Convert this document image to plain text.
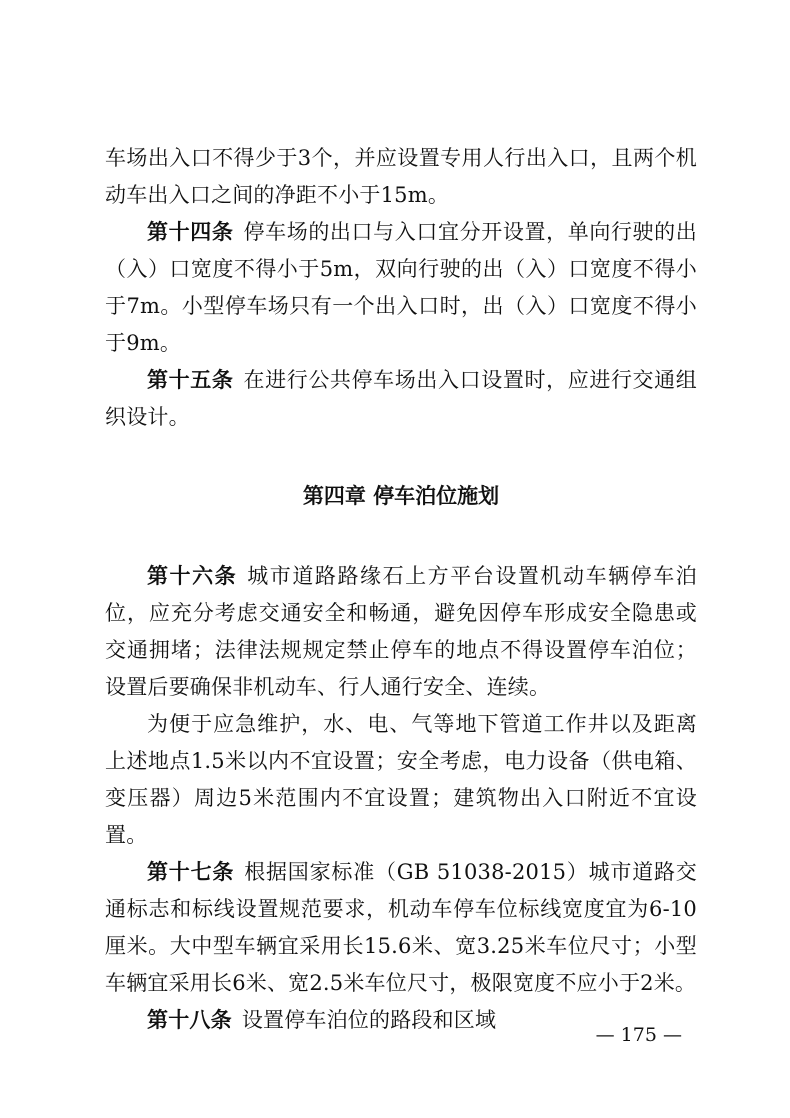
车场出入口不得少于3个，并应设置专用人行出入口，且两个机动车出入口之间的净距不小于15m。

第十四条 停车场的出口与入口宜分开设置，单向行驶的出（入）口宽度不得小于5m，双向行驶的出（入）口宽度不得小于7m。小型停车场只有一个出入口时，出（入）口宽度不得小于9m。

第十五条 在进行公共停车场出入口设置时，应进行交通组织设计。

第四章 停车泊位施划

第十六条 城市道路路缘石上方平台设置机动车辆停车泊位，应充分考虑交通安全和畅通，避免因停车形成安全隐患或交通拥堵；法律法规规定禁止停车的地点不得设置停车泊位；设置后要确保非机动车、行人通行安全、连续。

为便于应急维护，水、电、气等地下管道工作井以及距离上述地点1.5米以内不宜设置；安全考虑，电力设备（供电箱、变压器）周边5米范围内不宜设置；建筑物出入口附近不宜设置。

第十七条 根据国家标准（GB 51038-2015）城市道路交通标志和标线设置规范要求，机动车停车位标线宽度宜为6-10厘米。大中型车辆宜采用长15.6米、宽3.25米车位尺寸；小型车辆宜采用长6米、宽2.5米车位尺寸，极限宽度不应小于2米。

第十八条 设置停车泊位的路段和区域

— 175 —
